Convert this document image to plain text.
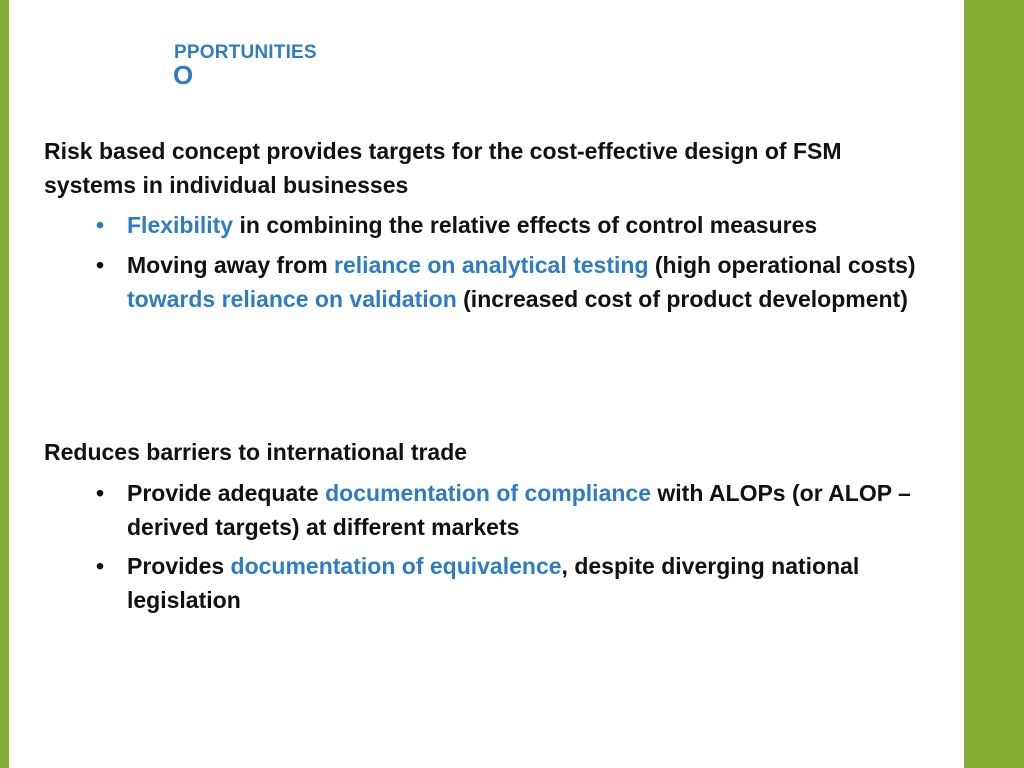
PPORTUNITIES
O
Risk based concept provides targets for the cost-effective design of FSM systems in individual businesses
• Flexibility in combining the relative effects of control measures
• Moving away from reliance on analytical testing (high operational costs) towards reliance on validation (increased cost of product development)
Reduces barriers to international trade
• Provide adequate documentation of compliance with ALOPs (or ALOP – derived targets) at different markets
• Provides documentation of equivalence, despite diverging national legislation
